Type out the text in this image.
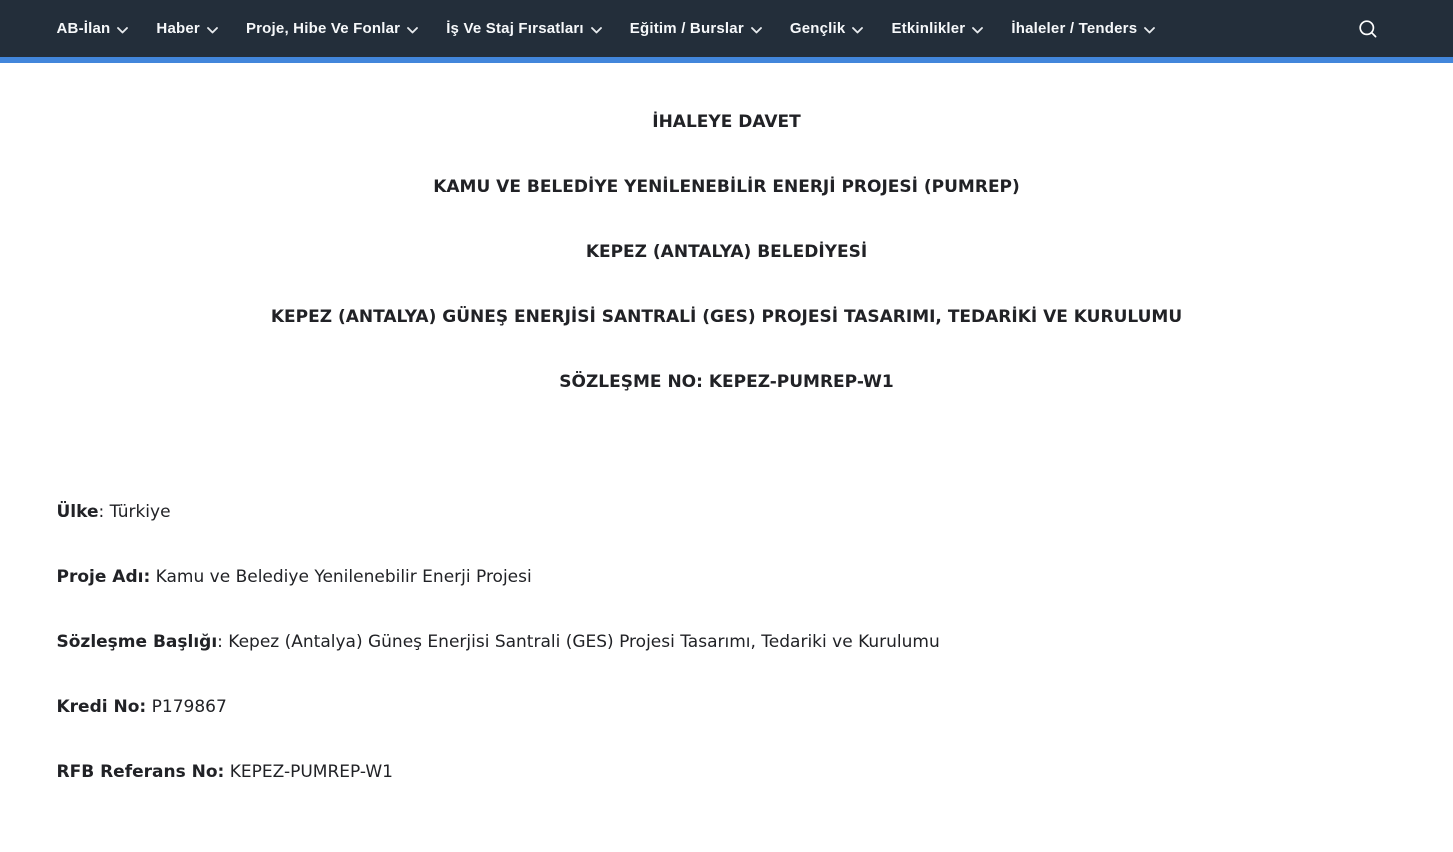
AB-İlan	Haber	Proje, Hibe Ve Fonlar	İş Ve Staj Fırsatları	Eğitim / Burslar	Gençlik	Etkinlikler	İhaleler / Tenders

İHALEYE DAVET

KAMU VE BELEDİYE YENİLENEBİLİR ENERJİ PROJESİ (PUMREP)

KEPEZ (ANTALYA) BELEDİYESİ

KEPEZ (ANTALYA) GÜNEŞ ENERJİSİ SANTRALİ (GES) PROJESİ TASARIMI, TEDARİKİ VE KURULUMU

SÖZLEŞME NO: KEPEZ-PUMREP-W1

Ülke: Türkiye

Proje Adı: Kamu ve Belediye Yenilenebilir Enerji Projesi

Sözleşme Başlığı: Kepez (Antalya) Güneş Enerjisi Santrali (GES) Projesi Tasarımı, Tedariki ve Kurulumu

Kredi No: P179867

RFB Referans No: KEPEZ-PUMREP-W1
